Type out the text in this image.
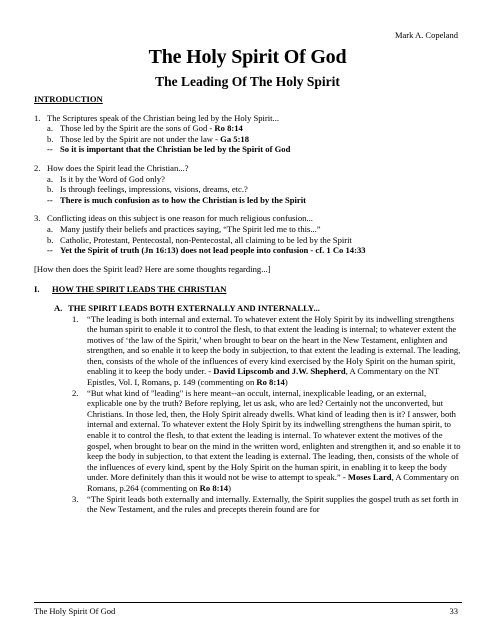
Mark A. Copeland
The Holy Spirit Of God
The Leading Of The Holy Spirit
INTRODUCTION
1. The Scriptures speak of the Christian being led by the Holy Spirit...
a. Those led by the Spirit are the sons of God - Ro 8:14
b. Those led by the Spirit are not under the law - Ga 5:18
-- So it is important that the Christian be led by the Spirit of God
2. How does the Spirit lead the Christian...?
a. Is it by the Word of God only?
b. Is through feelings, impressions, visions, dreams, etc.?
-- There is much confusion as to how the Christian is led by the Spirit
3. Conflicting ideas on this subject is one reason for much religious confusion...
a. Many justify their beliefs and practices saying, “The Spirit led me to this...”
b. Catholic, Protestant, Pentecostal, non-Pentecostal, all claiming to be led by the Spirit
-- Yet the Spirit of truth (Jn 16:13) does not lead people into confusion - cf. 1 Co 14:33
[How then does the Spirit lead? Here are some thoughts regarding...]
I.	HOW THE SPIRIT LEADS THE CHRISTIAN
A. THE SPIRIT LEADS BOTH EXTERNALLY AND INTERNALLY...
1. “The leading is both internal and external. To whatever extent the Holy Spirit by its indwelling strengthens the human spirit to enable it to control the flesh, to that extent the leading is internal; to whatever extent the motives of ‘the law of the Spirit,’ when brought to bear on the heart in the New Testament, enlighten and strengthen, and so enable it to keep the body in subjection, to that extent the leading is external. The leading, then, consists of the whole of the influences of every kind exercised by the Holy Spirit on the human spirit, enabling it to keep the body under. - David Lipscomb and J.W. Shepherd, A Commentary on the NT Epistles, Vol. I, Romans, p. 149 (commenting on Ro 8:14)
2. “But what kind of "leading" is here meant--an occult, internal, inexplicable leading, or an external, explicable one by the truth? Before replying, let us ask, who are led? Certainly not the unconverted, but Christians. In those led, then, the Holy Spirit already dwells. What kind of leading then is it? I answer, both internal and external. To whatever extent the Holy Spirit by its indwelling strengthens the human spirit, to enable it to control the flesh, to that extent the leading is internal. To whatever extent the motives of the gospel, when brought to bear on the mind in the written word, enlighten and strengthen it, and so enable it to keep the body in subjection, to that extent the leading is external. The leading, then, consists of the whole of the influences of every kind, spent by the Holy Spirit on the human spirit, in enabling it to keep the body under. More definitely than this it would not be wise to attempt to speak.” - Moses Lard, A Commentary on Romans, p.264 (commenting on Ro 8:14)
3. “The Spirit leads both externally and internally. Externally, the Spirit supplies the gospel truth as set forth in the New Testament, and the rules and precepts therein found are for
The Holy Spirit Of God	33
